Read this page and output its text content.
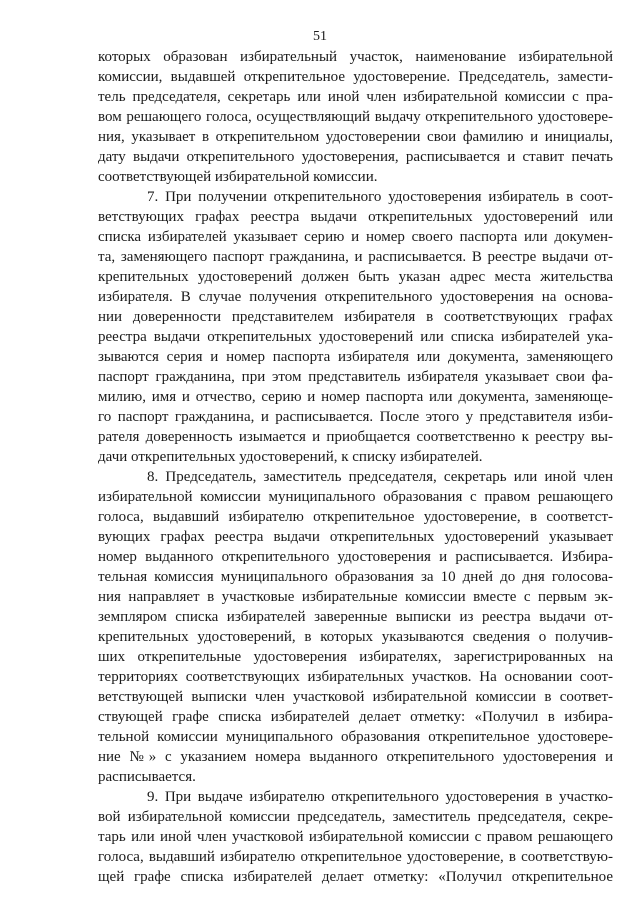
51
которых образован избирательный участок, наименование избирательной
комиссии, выдавшей открепительное удостоверение. Председатель, замести-
тель председателя, секретарь или иной член избирательной комиссии с пра-
вом решающего голоса, осуществляющий выдачу открепительного удостовере-
ния, указывает в открепительном удостоверении свои фамилию и инициалы,
дату выдачи открепительного удостоверения, расписывается и ставит печать
соответствующей избирательной комиссии.
7. При получении открепительного удостоверения избиратель в соот-
ветствующих графах реестра выдачи открепительных удостоверений или
списка избирателей указывает серию и номер своего паспорта или докумен-
та, заменяющего паспорт гражданина, и расписывается. В реестре выдачи от-
крепительных удостоверений должен быть указан адрес места жительства
избирателя. В случае получения открепительного удостоверения на основа-
нии доверенности представителем избирателя в соответствующих графах
реестра выдачи открепительных удостоверений или списка избирателей ука-
зываются серия и номер паспорта избирателя или документа, заменяющего
паспорт гражданина, при этом представитель избирателя указывает свои фа-
милию, имя и отчество, серию и номер паспорта или документа, заменяюще-
го паспорт гражданина, и расписывается. После этого у представителя изби-
рателя доверенность изымается и приобщается соответственно к реестру вы-
дачи открепительных удостоверений, к списку избирателей.
8. Председатель, заместитель председателя, секретарь или иной член
избирательной комиссии муниципального образования с правом решающего
голоса, выдавший избирателю открепительное удостоверение, в соответст-
вующих графах реестра выдачи открепительных удостоверений указывает
номер выданного открепительного удостоверения и расписывается. Избира-
тельная комиссия муниципального образования за 10 дней до дня голосова-
ния направляет в участковые избирательные комиссии вместе с первым эк-
земпляром списка избирателей заверенные выписки из реестра выдачи от-
крепительных удостоверений, в которых указываются сведения о получив-
ших открепительные удостоверения избирателях, зарегистрированных на
территориях соответствующих избирательных участков. На основании соот-
ветствующей выписки член участковой избирательной комиссии в соответ-
ствующей графе списка избирателей делает отметку: «Получил в избира-
тельной комиссии муниципального образования открепительное удостовере-
ние №» с указанием номера выданного открепительного удостоверения и
расписывается.
9. При выдаче избирателю открепительного удостоверения в участко-
вой избирательной комиссии председатель, заместитель председателя, секре-
тарь или иной член участковой избирательной комиссии с правом решающего
голоса, выдавший избирателю открепительное удостоверение, в соответствую-
щей графе списка избирателей делает отметку: «Получил открепительное
